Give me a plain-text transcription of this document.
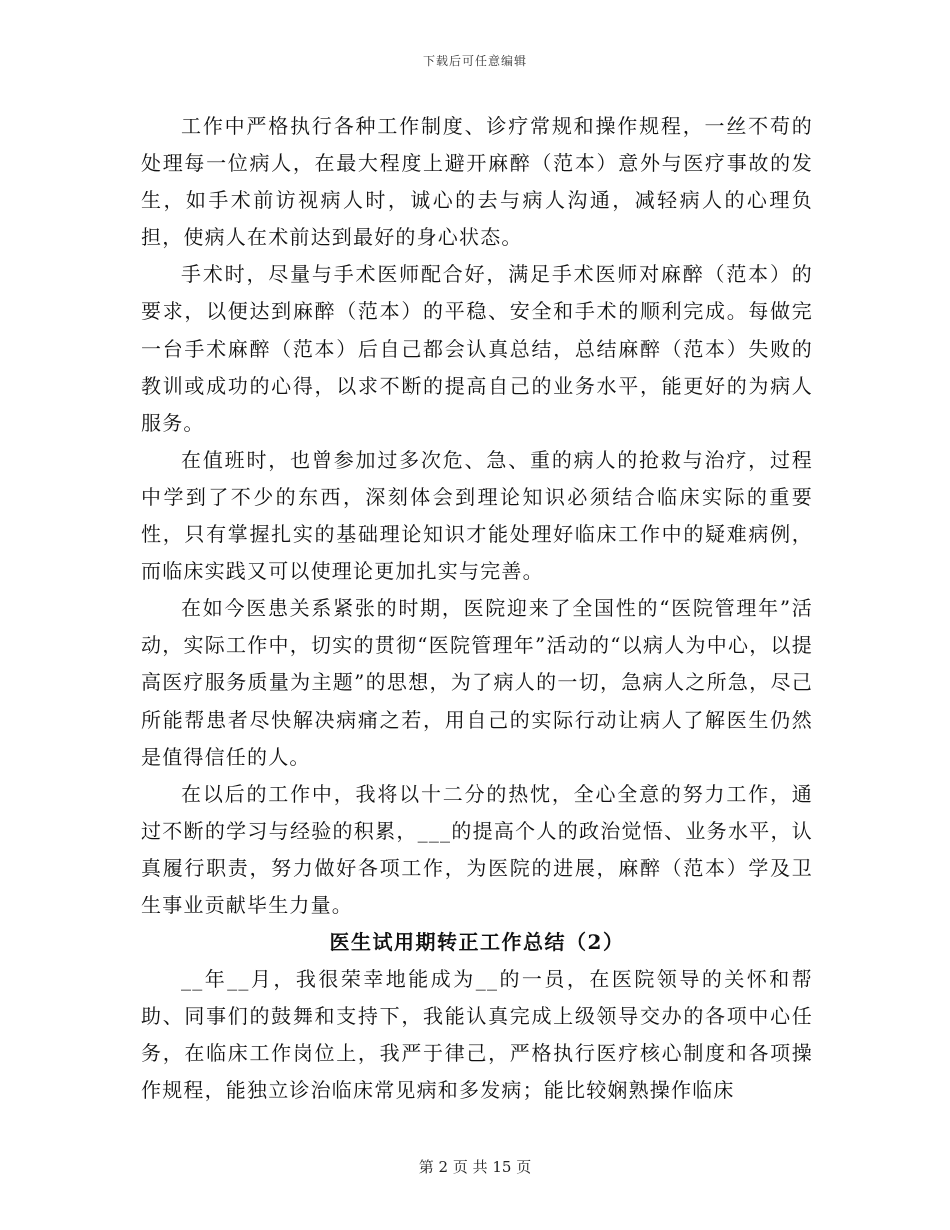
下载后可任意编辑

工作中严格执行各种工作制度、诊疗常规和操作规程，一丝不苟的处理每一位病人，在最大程度上避开麻醉（范本）意外与医疗事故的发生，如手术前访视病人时，诚心的去与病人沟通，减轻病人的心理负担，使病人在术前达到最好的身心状态。

手术时，尽量与手术医师配合好，满足手术医师对麻醉（范本）的要求，以便达到麻醉（范本）的平稳、安全和手术的顺利完成。每做完一台手术麻醉（范本）后自己都会认真总结，总结麻醉（范本）失败的教训或成功的心得，以求不断的提高自己的业务水平，能更好的为病人服务。

在值班时，也曾参加过多次危、急、重的病人的抢救与治疗，过程中学到了不少的东西，深刻体会到理论知识必须结合临床实际的重要性，只有掌握扎实的基础理论知识才能处理好临床工作中的疑难病例，而临床实践又可以使理论更加扎实与完善。

在如今医患关系紧张的时期，医院迎来了全国性的“医院管理年”活动，实际工作中，切实的贯彻“医院管理年”活动的“以病人为中心，以提高医疗服务质量为主题”的思想，为了病人的一切，急病人之所急，尽己所能帮患者尽快解决病痛之若，用自己的实际行动让病人了解医生仍然是值得信任的人。

在以后的工作中，我将以十二分的热忱，全心全意的努力工作，通过不断的学习与经验的积累，___的提高个人的政治觉悟、业务水平，认真履行职责，努力做好各项工作，为医院的进展，麻醉（范本）学及卫生事业贡献毕生力量。

医生试用期转正工作总结（2）

__年__月，我很荣幸地能成为__的一员，在医院领导的关怀和帮助、同事们的鼓舞和支持下，我能认真完成上级领导交办的各项中心任务，在临床工作岗位上，我严于律己，严格执行医疗核心制度和各项操作规程，能独立诊治临床常见病和多发病；能比较娴熟操作临床

第 2 页 共 15 页
